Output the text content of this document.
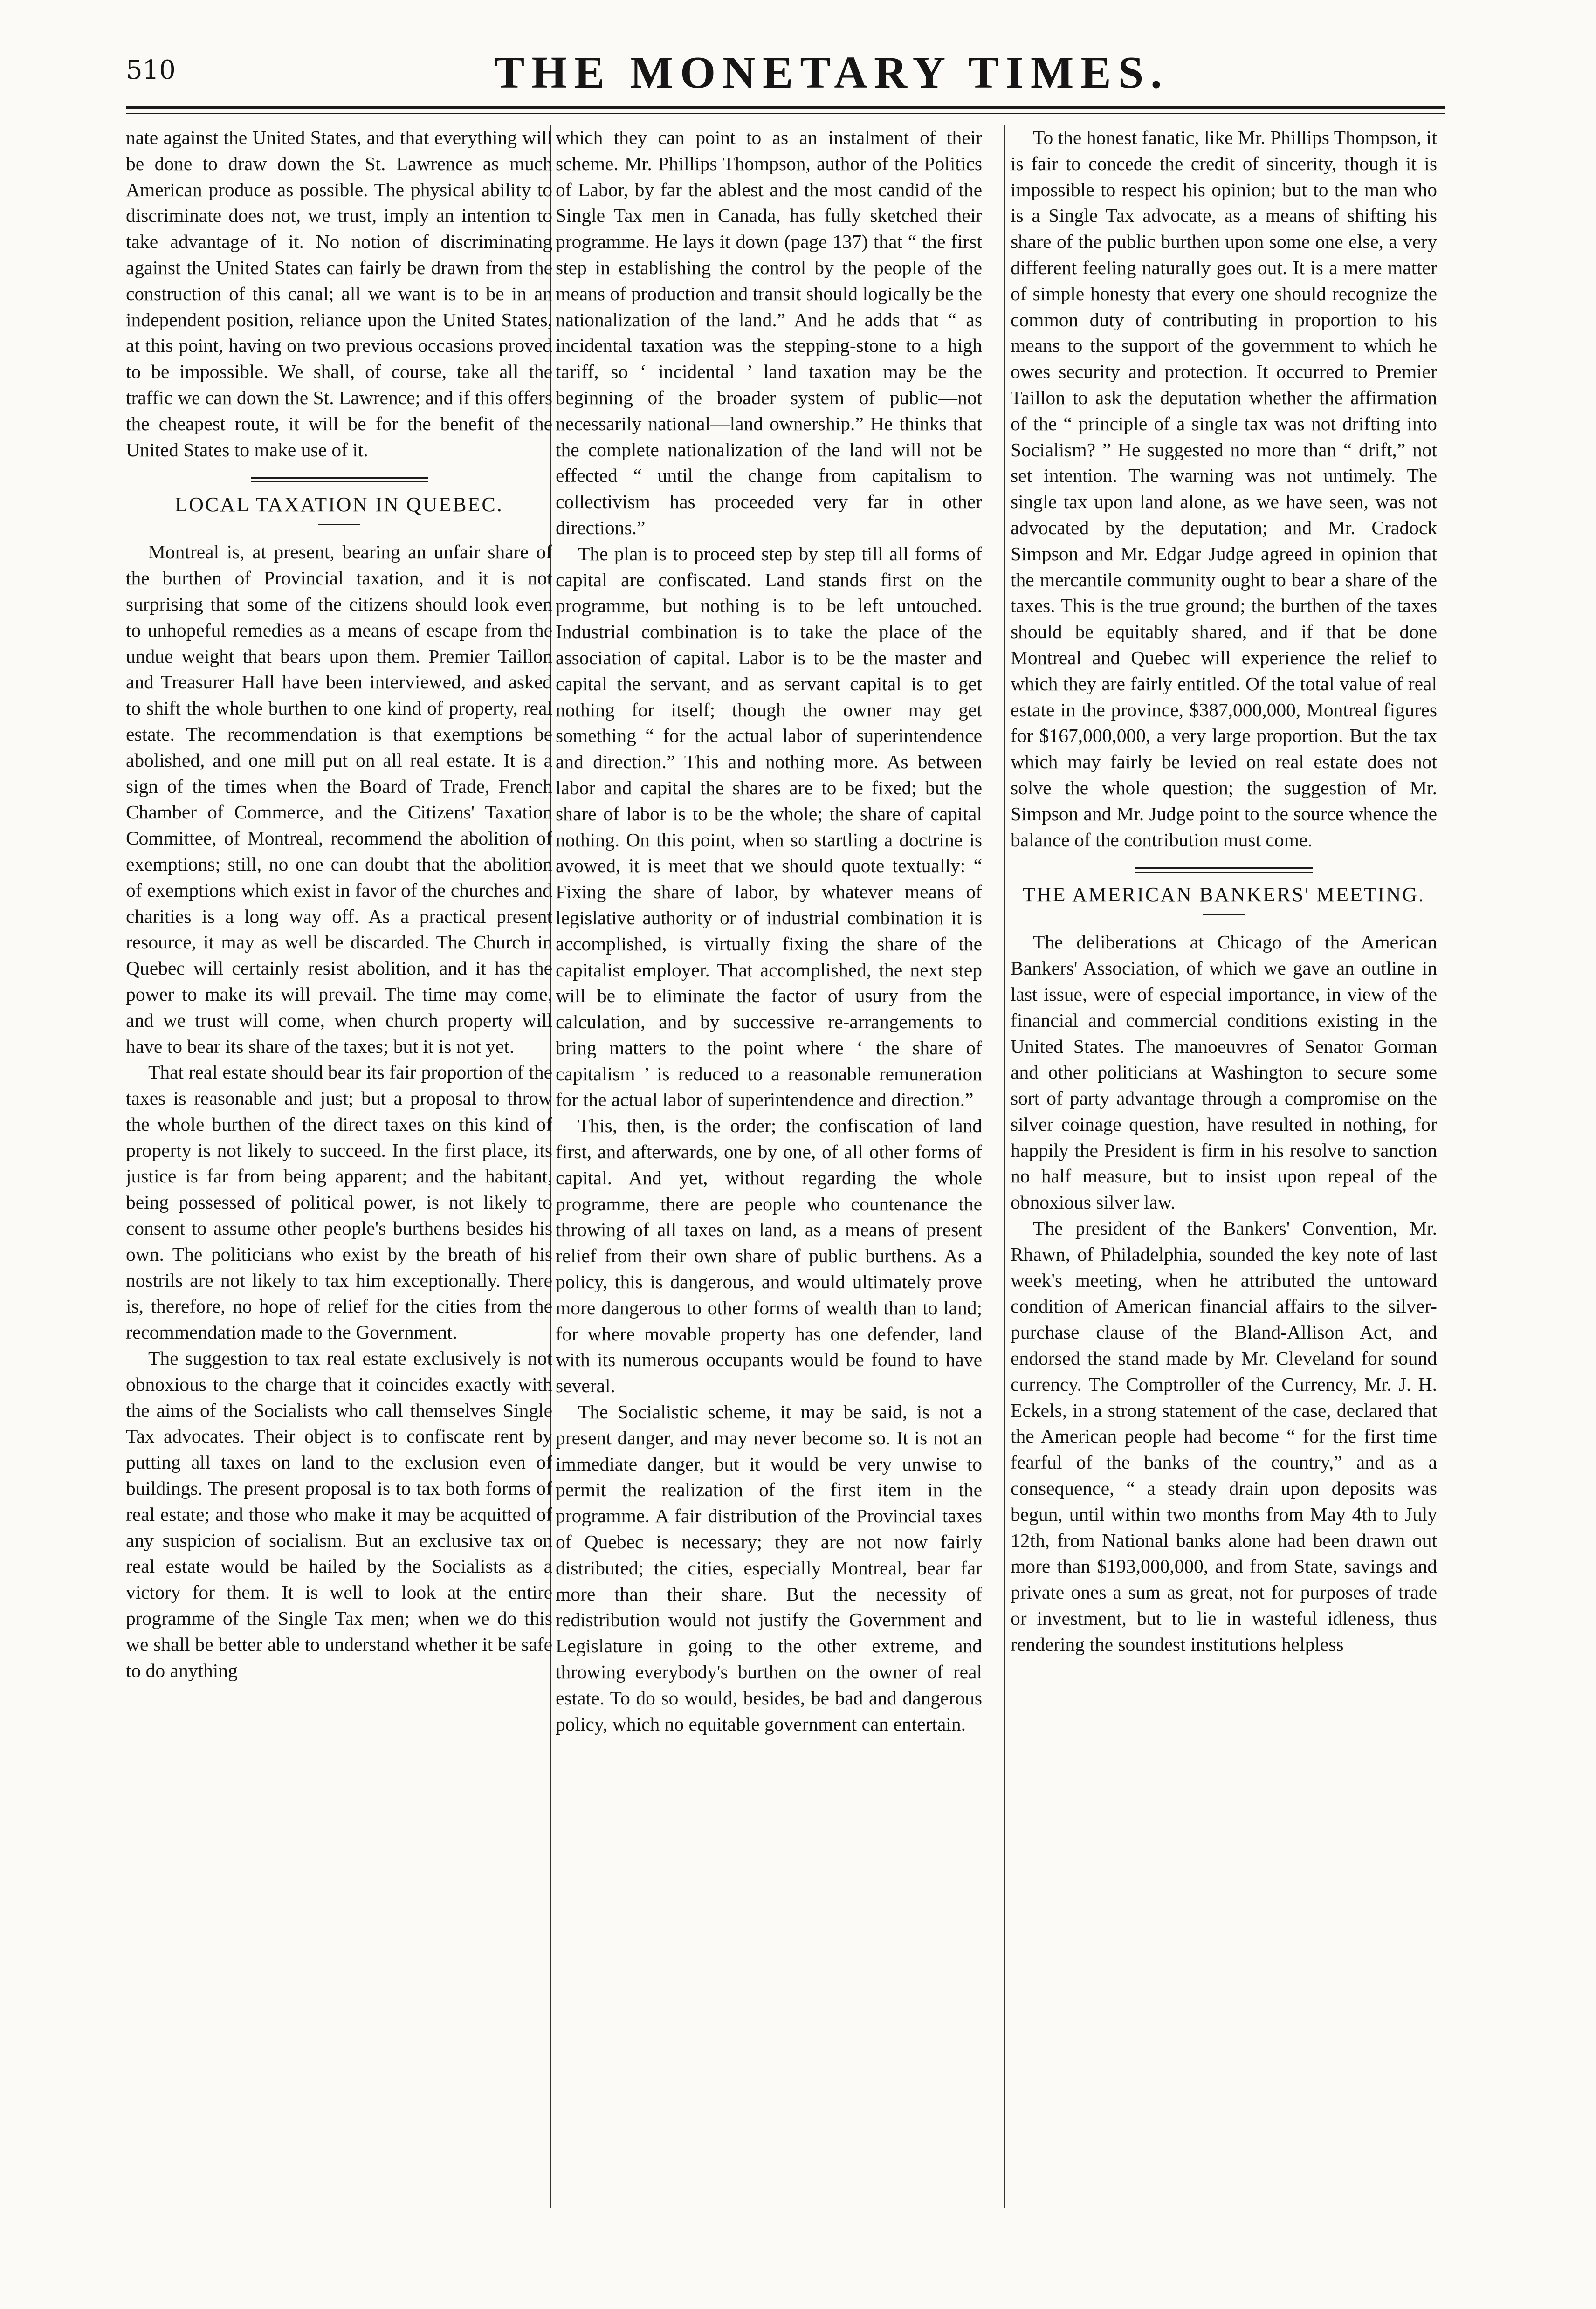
510	THE MONETARY TIMES.

nate against the United States, and that everything will be done to draw down the St. Lawrence as much American produce as possible. The physical ability to discriminate does not, we trust, imply an intention to take advantage of it. No notion of discriminating against the United States can fairly be drawn from the construction of this canal; all we want is to be in an independent position, reliance upon the United States, at this point, having on two previous occasions proved to be impossible. We shall, of course, take all the traffic we can down the St. Lawrence; and if this offers the cheapest route, it will be for the benefit of the United States to make use of it.

LOCAL TAXATION IN QUEBEC.

Montreal is, at present, bearing an unfair share of the burthen of Provincial taxation, and it is not surprising that some of the citizens should look even to unhopeful remedies as a means of escape from the undue weight that bears upon them. Premier Taillon and Treasurer Hall have been interviewed, and asked to shift the whole burthen to one kind of property, real estate. The recommendation is that exemptions be abolished, and one mill put on all real estate. It is a sign of the times when the Board of Trade, French Chamber of Commerce, and the Citizens' Taxation Committee, of Montreal, recommend the abolition of exemptions; still, no one can doubt that the abolition of exemptions which exist in favor of the churches and charities is a long way off. As a practical present resource, it may as well be discarded. The Church in Quebec will certainly resist abolition, and it has the power to make its will prevail. The time may come, and we trust will come, when church property will have to bear its share of the taxes; but it is not yet.

That real estate should bear its fair proportion of the taxes is reasonable and just; but a proposal to throw the whole burthen of the direct taxes on this kind of property is not likely to succeed. In the first place, its justice is far from being apparent; and the habitant, being possessed of political power, is not likely to consent to assume other people's burthens besides his own. The politicians who exist by the breath of his nostrils are not likely to tax him exceptionally. There is, therefore, no hope of relief for the cities from the recommendation made to the Government.

The suggestion to tax real estate exclusively is not obnoxious to the charge that it coincides exactly with the aims of the Socialists who call themselves Single Tax advocates. Their object is to confiscate rent by putting all taxes on land to the exclusion even of buildings. The present proposal is to tax both forms of real estate; and those who make it may be acquitted of any suspicion of socialism. But an exclusive tax on real estate would be hailed by the Socialists as a victory for them. It is well to look at the entire programme of the Single Tax men; when we do this we shall be better able to understand whether it be safe to do anything

which they can point to as an instalment of their scheme. Mr. Phillips Thompson, author of the Politics of Labor, by far the ablest and the most candid of the Single Tax men in Canada, has fully sketched their programme. He lays it down (page 137) that “ the first step in establishing the control by the people of the means of production and transit should logically be the nationalization of the land.” And he adds that “ as incidental taxation was the stepping-stone to a high tariff, so ‘ incidental ’ land taxation may be the beginning of the broader system of public—not necessarily national—land ownership.” He thinks that the complete nationalization of the land will not be effected “ until the change from capitalism to collectivism has proceeded very far in other directions.”

The plan is to proceed step by step till all forms of capital are confiscated. Land stands first on the programme, but nothing is to be left untouched. Industrial combination is to take the place of the association of capital. Labor is to be the master and capital the servant, and as servant capital is to get nothing for itself; though the owner may get something “ for the actual labor of superintendence and direction.” This and nothing more. As between labor and capital the shares are to be fixed; but the share of labor is to be the whole; the share of capital nothing. On this point, when so startling a doctrine is avowed, it is meet that we should quote textually: “ Fixing the share of labor, by whatever means of legislative authority or of industrial combination it is accomplished, is virtually fixing the share of the capitalist employer. That accomplished, the next step will be to eliminate the factor of usury from the calculation, and by successive re-arrangements to bring matters to the point where ‘ the share of capitalism ’ is reduced to a reasonable remuneration for the actual labor of superintendence and direction.”

This, then, is the order; the confiscation of land first, and afterwards, one by one, of all other forms of capital. And yet, without regarding the whole programme, there are people who countenance the throwing of all taxes on land, as a means of present relief from their own share of public burthens. As a policy, this is dangerous, and would ultimately prove more dangerous to other forms of wealth than to land; for where movable property has one defender, land with its numerous occupants would be found to have several.

The Socialistic scheme, it may be said, is not a present danger, and may never become so. It is not an immediate danger, but it would be very unwise to permit the realization of the first item in the programme. A fair distribution of the Provincial taxes of Quebec is necessary; they are not now fairly distributed; the cities, especially Montreal, bear far more than their share. But the necessity of redistribution would not justify the Government and Legislature in going to the other extreme, and throwing everybody's burthen on the owner of real estate. To do so would, besides, be bad and dangerous policy, which no equitable government can entertain.

To the honest fanatic, like Mr. Phillips Thompson, it is fair to concede the credit of sincerity, though it is impossible to respect his opinion; but to the man who is a Single Tax advocate, as a means of shifting his share of the public burthen upon some one else, a very different feeling naturally goes out. It is a mere matter of simple honesty that every one should recognize the common duty of contributing in proportion to his means to the support of the government to which he owes security and protection. It occurred to Premier Taillon to ask the deputation whether the affirmation of the “ principle of a single tax was not drifting into Socialism? ” He suggested no more than “ drift,” not set intention. The warning was not untimely. The single tax upon land alone, as we have seen, was not advocated by the deputation; and Mr. Cradock Simpson and Mr. Edgar Judge agreed in opinion that the mercantile community ought to bear a share of the taxes. This is the true ground; the burthen of the taxes should be equitably shared, and if that be done Montreal and Quebec will experience the relief to which they are fairly entitled. Of the total value of real estate in the province, $387,000,000, Montreal figures for $167,000,000, a very large proportion. But the tax which may fairly be levied on real estate does not solve the whole question; the suggestion of Mr. Simpson and Mr. Judge point to the source whence the balance of the contribution must come.

THE AMERICAN BANKERS' MEETING.

The deliberations at Chicago of the American Bankers' Association, of which we gave an outline in last issue, were of especial importance, in view of the financial and commercial conditions existing in the United States. The manoeuvres of Senator Gorman and other politicians at Washington to secure some sort of party advantage through a compromise on the silver coinage question, have resulted in nothing, for happily the President is firm in his resolve to sanction no half measure, but to insist upon repeal of the obnoxious silver law.

The president of the Bankers' Convention, Mr. Rhawn, of Philadelphia, sounded the key note of last week's meeting, when he attributed the untoward condition of American financial affairs to the silver-purchase clause of the Bland-Allison Act, and endorsed the stand made by Mr. Cleveland for sound currency. The Comptroller of the Currency, Mr. J. H. Eckels, in a strong statement of the case, declared that the American people had become “ for the first time fearful of the banks of the country,” and as a consequence, “ a steady drain upon deposits was begun, until within two months from May 4th to July 12th, from National banks alone had been drawn out more than $193,000,000, and from State, savings and private ones a sum as great, not for purposes of trade or investment, but to lie in wasteful idleness, thus rendering the soundest institutions helpless
